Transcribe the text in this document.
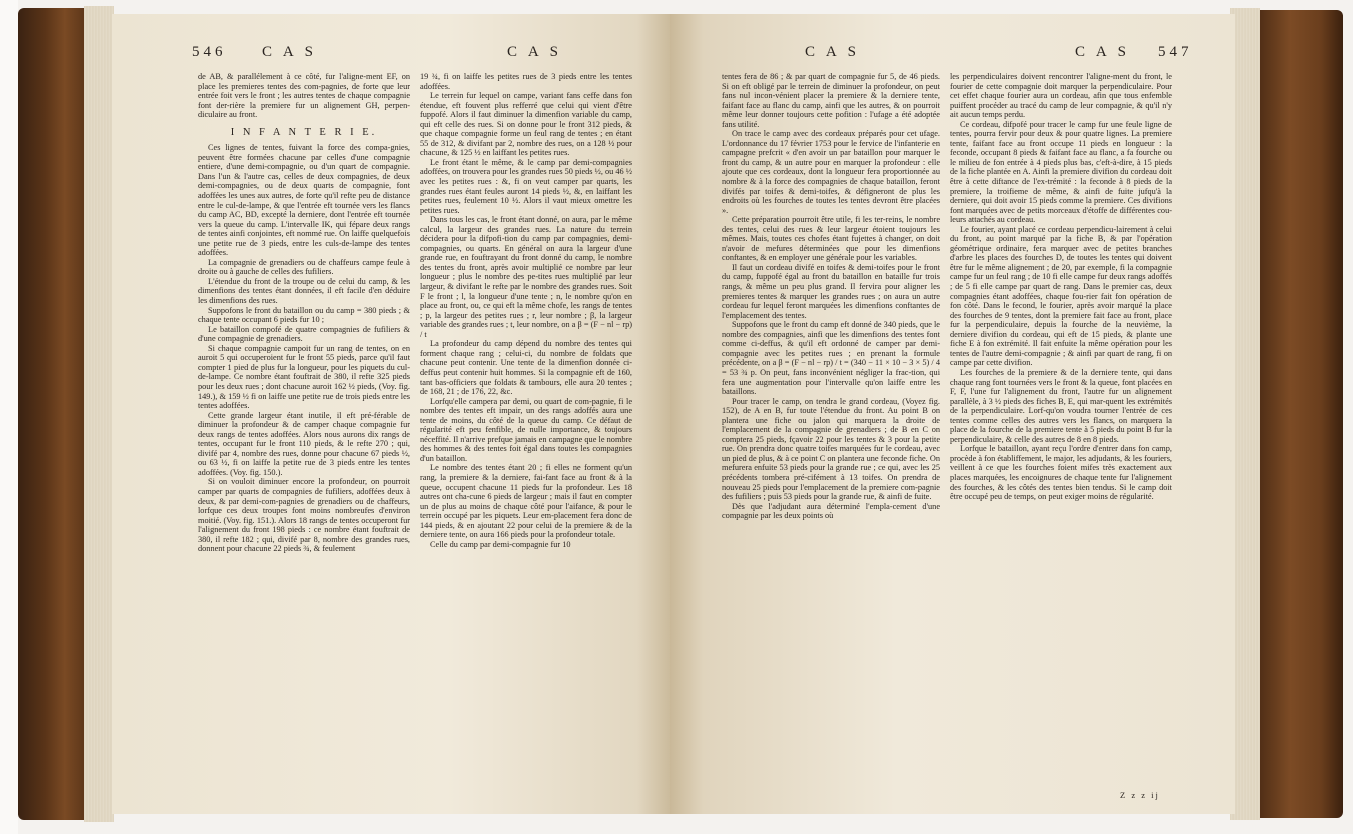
546 C A S	C A S

de AB, & parallélement à ce côté, fur l'aligne-ment EF, on place les premieres tentes des com-pagnies, de forte que leur entrée foit vers le front ; les autres tentes de chaque compagnie font der-rière la premiere fur un alignement GH, perpen-diculaire au front.

I N F A N T E R I E.

Ces lignes de tentes, fuivant la force des compa-gnies, peuvent être formées chacune par celles d'une compagnie entiere, d'une demi-compagnie, ou d'un quart de compagnie. Dans l'un & l'autre cas, celles de deux compagnies, de deux demi-compagnies, ou de deux quarts de compagnie, font adoffées les unes aux autres, de forte qu'il refte peu de distance entre le cul-de-lampe, & que l'entrée eft tournée vers les flancs du camp AC, BD, excepté la derniere, dont l'entrée eft tournée vers la queue du camp. L'intervalle IK, qui fépare deux rangs de tentes ainfi conjointes, eft nommé rue. On laiffe quelquefois une petite rue de 3 pieds, entre les culs-de-lampe des tentes adoffées.

La compagnie de grenadiers ou de chaffeurs campe feule à droite ou à gauche de celles des fufiliers.

L'étendue du front de la troupe ou de celui du camp, & les dimenfions des tentes étant données, il eft facile d'en déduire les dimenfions des rues.

Suppofons le front du bataillon ou du camp = 380 pieds ; & chaque tente occupant 6 pieds fur 10 ;

Le bataillon compofé de quatre compagnies de fufiliers & d'une compagnie de grenadiers.

Si chaque compagnie campoit fur un rang de tentes, on en auroit 5 qui occuperoient fur le front 55 pieds, parce qu'il faut compter 1 pied de plus fur la longueur, pour les piquets du cul-de-lampe. Ce nombre étant fouftrait de 380, il refte 325 pieds pour les deux rues ; dont chacune auroit 162 ½ pieds, (Voy. fig. 149.), & 159 ½ fi on laiffe une petite rue de trois pieds entre les tentes adoffées.

Cette grande largeur étant inutile, il eft pré-férable de diminuer la profondeur & de camper chaque compagnie fur deux rangs de tentes adoffées. Alors nous aurons dix rangs de tentes, occupant fur le front 110 pieds, & le refte 270 ; qui, divifé par 4, nombre des rues, donne pour chacune 67 pieds ½, ou 63 ½, fi on laiffe la petite rue de 3 pieds entre les tentes adoffées. (Voy. fig. 150.).

Si on vouloit diminuer encore la profondeur, on pourroit camper par quarts de compagnies de fufiliers, adoffées deux à deux, & par demi-com-pagnies de grenadiers ou de chaffeurs, lorfque ces deux troupes font moins nombreufes d'environ moitié. (Voy. fig. 151.). Alors 18 rangs de tentes occuperont fur l'alignement du front 198 pieds : ce nombre étant fouftrait de 380, il refte 182 ; qui, divifé par 8, nombre des grandes rues, donnent pour chacune 22 pieds ¾, & feulement

19 ¾, fi on laiffe les petites rues de 3 pieds entre les tentes adoffées.

Le terrein fur lequel on campe, variant fans ceffe dans fon étendue, eft fouvent plus refferré que celui qui vient d'être fuppofé. Alors il faut diminuer la dimenfion variable du camp, qui eft celle des rues. Si on donne pour le front 312 pieds, & que chaque compagnie forme un feul rang de tentes ; en étant 55 de 312, & divifant par 2, nombre des rues, on a 128 ½ pour chacune, & 125 ½ en laiffant les petites rues.

Le front étant le même, & le camp par demi-compagnies adoffées, on trouvera pour les grandes rues 50 pieds ½, ou 46 ½ avec les petites rues : &, fi on veut camper par quarts, les grandes rues étant feules auront 14 pieds ½, &, en laiffant les petites rues, feulement 10 ½. Alors il vaut mieux omettre les petites rues.

Dans tous les cas, le front étant donné, on aura, par le même calcul, la largeur des grandes rues. La nature du terrein décidera pour la difpofi-tion du camp par compagnies, demi-compagnies, ou quarts. En général on aura la largeur d'une grande rue, en fouftrayant du front donné du camp, le nombre des tentes du front, après avoir multiplié ce nombre par leur longueur ; plus le nombre des pe-tites rues multiplié par leur largeur, & divifant le refte par le nombre des grandes rues. Soit F le front ; l, la longueur d'une tente ; n, le nombre qu'on en place au front, ou, ce qui eft la même chofe, les rangs de tentes ; p, la largeur des petites rues ; r, leur nombre ; β, la largeur variable des grandes rues ; t, leur nombre, on a β = (F − nl − rp) / t

La profondeur du camp dépend du nombre des tentes qui forment chaque rang ; celui-ci, du nombre de foldats que chacune peut contenir. Une tente de la dimenfion donnée ci-deffus peut contenir huit hommes. Si la compagnie eft de 160, tant bas-officiers que foldats & tambours, elle aura 20 tentes ; de 168, 21 ; de 176, 22, &c.

Lorfqu'elle campera par demi, ou quart de com-pagnie, fi le nombre des tentes eft impair, un des rangs adoffés aura une tente de moins, du côté de la queue du camp. Ce défaut de régularité eft peu fenfible, de nulle importance, & toujours néceffité. Il n'arrive prefque jamais en campagne que le nombre des hommes & des tentes foit égal dans toutes les compagnies d'un bataillon.

Le nombre des tentes étant 20 ; fi elles ne forment qu'un rang, la premiere & la derniere, fai-fant face au front & à la queue, occupent chacune 11 pieds fur la profondeur. Les 18 autres ont cha-cune 6 pieds de largeur ; mais il faut en compter un de plus au moins de chaque côté pour l'aifance, & pour le terrein occupé par les piquets. Leur em-placement fera donc de 144 pieds, & en ajoutant 22 pour celui de la premiere & de la derniere tente, on aura 166 pieds pour la profondeur totale.

Celle du camp par demi-compagnie fur 10

C A S	C A S 547

tentes fera de 86 ; & par quart de compagnie fur 5, de 46 pieds. Si on eft obligé par le terrein de diminuer la profondeur, on peut fans nul incon-vénient placer la premiere & la derniere tente, faifant face au flanc du camp, ainfi que les autres, & on pourroit même leur donner toujours cette pofition : l'ufage a été adoptée fans utilité.

On trace le camp avec des cordeaux préparés pour cet ufage. L'ordonnance du 17 février 1753 pour le fervice de l'infanterie en campagne prefcrit « d'en avoir un par bataillon pour marquer le front du camp, & un autre pour en marquer la profondeur : elle ajoute que ces cordeaux, dont la longueur fera proportionnée au nombre & à la force des compagnies de chaque bataillon, feront divifés par toifes & demi-toifes, & défigneront de plus les endroits où les fourches de toutes les tentes devront être placées ».

Cette préparation pourroit être utile, fi les ter-reins, le nombre des tentes, celui des rues & leur largeur étoient toujours les mêmes. Mais, toutes ces chofes étant fujettes à changer, on doit n'avoir de mefures déterminées que pour les dimenfions conftantes, & en employer une générale pour les variables.

Il faut un cordeau divifé en toifes & demi-toifes pour le front du camp, fuppofé égal au front du bataillon en bataille fur trois rangs, & même un peu plus grand. Il fervira pour aligner les premieres tentes & marquer les grandes rues ; on aura un autre cordeau fur lequel feront marquées les dimenfions conftantes de l'emplacement des tentes.

Suppofons que le front du camp eft donné de 340 pieds, que le nombre des compagnies, ainfi que les dimenfions des tentes font comme ci-deffus, & qu'il eft ordonné de camper par demi-compagnie avec les petites rues ; en prenant la formule précédente, on a β = (F − nl − rp) / t = (340 − 11 × 10 − 3 × 5) / 4 = 53 ¾ p. On peut, fans inconvénient négliger la frac-tion, qui fera une augmentation pour l'intervalle qu'on laiffe entre les bataillons.

Pour tracer le camp, on tendra le grand cordeau, (Voyez fig. 152), de A en B, fur toute l'étendue du front. Au point B on plantera une fiche ou jalon qui marquera la droite de l'emplacement de la compagnie de grenadiers ; de B en C on comptera 25 pieds, fçavoir 22 pour les tentes & 3 pour la petite rue. On prendra donc quatre toifes marquées fur le cordeau, avec un pied de plus, & à ce point C on plantera une feconde fiche. On mefurera enfuite 53 pieds pour la grande rue ; ce qui, avec les 25 précédents tombera pré-cifément à 13 toifes. On prendra de nouveau 25 pieds pour l'emplacement de la premiere com-pagnie des fufiliers ; puis 53 pieds pour la grande rue, & ainfi de fuite.

Dès que l'adjudant aura déterminé l'empla-cement d'une compagnie par les deux points où

les perpendiculaires doivent rencontrer l'aligne-ment du front, le fourier de cette compagnie doit marquer la perpendiculaire. Pour cet effet chaque fourier aura un cordeau, afin que tous enfemble puiffent procéder au tracé du camp de leur compagnie, & qu'il n'y ait aucun temps perdu.

Ce cordeau, difpofé pour tracer le camp fur une feule ligne de tentes, pourra fervir pour deux & pour quatre lignes. La premiere tente, faifant face au front occupe 11 pieds en longueur : la feconde, occupant 8 pieds & faifant face au flanc, a fa fourche ou le milieu de fon entrée à 4 pieds plus bas, c'eft-à-dire, à 15 pieds de la fiche plantée en A. Ainfi la premiere divifion du cordeau doit être à cette diftance de l'ex-trémité : la feconde à 8 pieds de la premiere, la troifieme de même, & ainfi de fuite jufqu'à la derniere, qui doit avoir 15 pieds comme la premiere. Ces divifions font marquées avec de petits morceaux d'étoffe de différentes cou-leurs attachés au cordeau.

Le fourier, ayant placé ce cordeau perpendicu-lairement à celui du front, au point marqué par la fiche B, & par l'opération géométrique ordinaire, fera marquer avec de petites branches d'arbre les places des fourches D, de toutes les tentes qui doivent être fur le même alignement ; de 20, par exemple, fi la compagnie campe fur un feul rang ; de 10 fi elle campe fur deux rangs adoffés ; de 5 fi elle campe par quart de rang. Dans le premier cas, deux compagnies étant adoffées, chaque fou-rier fait fon opération de fon côté. Dans le fecond, le fourier, après avoir marqué la place des fourches de 9 tentes, dont la premiere fait face au front, place fur la perpendiculaire, depuis la fourche de la neuvième, la derniere divifion du cordeau, qui eft de 15 pieds, & plante une fiche E à fon extrémité. Il fait enfuite la même opération pour les tentes de l'autre demi-compagnie ; & ainfi par quart de rang, fi on campe par cette divifion.

Les fourches de la premiere & de la derniere tente, qui dans chaque rang font tournées vers le front & la queue, font placées en F, F, l'une fur l'alignement du front, l'autre fur un alignement parallèle, à 3 ½ pieds des fiches B, E, qui mar-quent les extrémités de la perpendiculaire. Lorf-qu'on voudra tourner l'entrée de ces tentes comme celles des autres vers les flancs, on marquera la place de la fourche de la premiere tente à 5 pieds du point B fur la perpendiculaire, & celle des autres de 8 en 8 pieds.

Lorfque le bataillon, ayant reçu l'ordre d'entrer dans fon camp, procède à fon établiffement, le major, les adjudants, & les fouriers, veillent à ce que les fourches foient mifes très exactement aux places marquées, les encoignures de chaque tente fur l'alignement des fourches, & les côtés des tentes bien tendus. Si le camp doit être occupé peu de temps, on peut exiger moins de régularité.

Z z z ij
